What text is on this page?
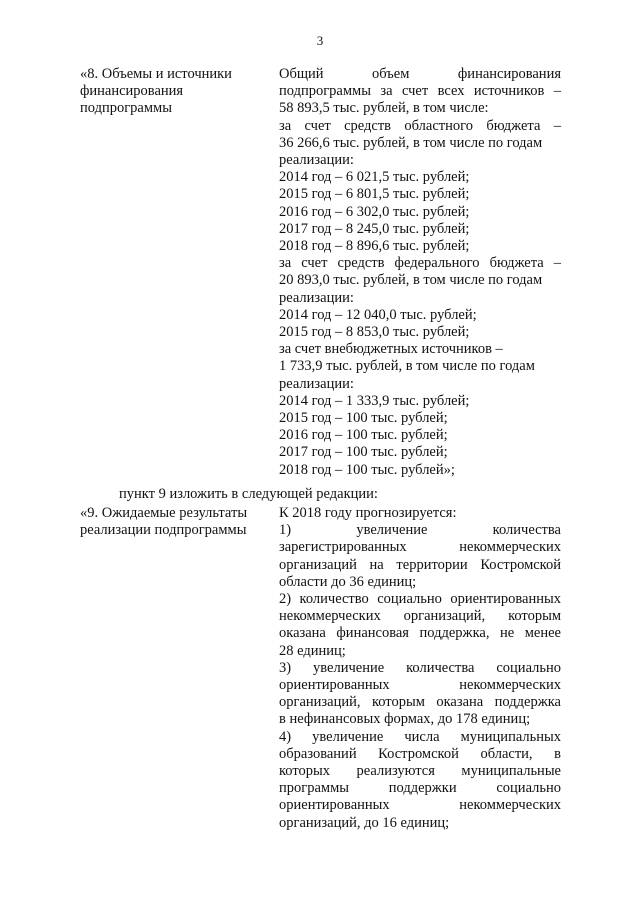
3
«8. Объемы и источники
финансирования
подпрограммы
Общий объем финансирования
подпрограммы за счет всех источников –
58 893,5 тыс. рублей, в том числе:
за счет средств областного бюджета –
36 266,6 тыс. рублей, в том числе по годам
реализации:
2014 год – 6 021,5 тыс. рублей;
2015 год – 6 801,5 тыс. рублей;
2016 год – 6 302,0 тыс. рублей;
2017 год – 8 245,0 тыс. рублей;
2018 год – 8 896,6 тыс. рублей;
за счет средств федерального бюджета –
20 893,0 тыс. рублей, в том числе по годам
реализации:
2014 год – 12 040,0 тыс. рублей;
2015 год – 8 853,0 тыс. рублей;
за счет внебюджетных источников –
1 733,9 тыс. рублей, в том числе по годам
реализации:
2014 год – 1 333,9 тыс. рублей;
2015 год – 100 тыс. рублей;
2016 год – 100 тыс. рублей;
2017 год – 100 тыс. рублей;
2018 год – 100 тыс. рублей»;
пункт 9 изложить в следующей редакции:
«9. Ожидаемые результаты
реализации подпрограммы
К 2018 году прогнозируется:
1) увеличение количества
зарегистрированных некоммерческих
организаций на территории Костромской
области до 36 единиц;
2) количество социально ориентированных
некоммерческих организаций, которым
оказана финансовая поддержка, не менее
28 единиц;
3) увеличение количества социально
ориентированных некоммерческих
организаций, которым оказана поддержка
в нефинансовых формах, до 178 единиц;
4) увеличение числа муниципальных
образований Костромской области, в
которых реализуются муниципальные
программы поддержки социально
ориентированных некоммерческих
организаций, до 16 единиц;
